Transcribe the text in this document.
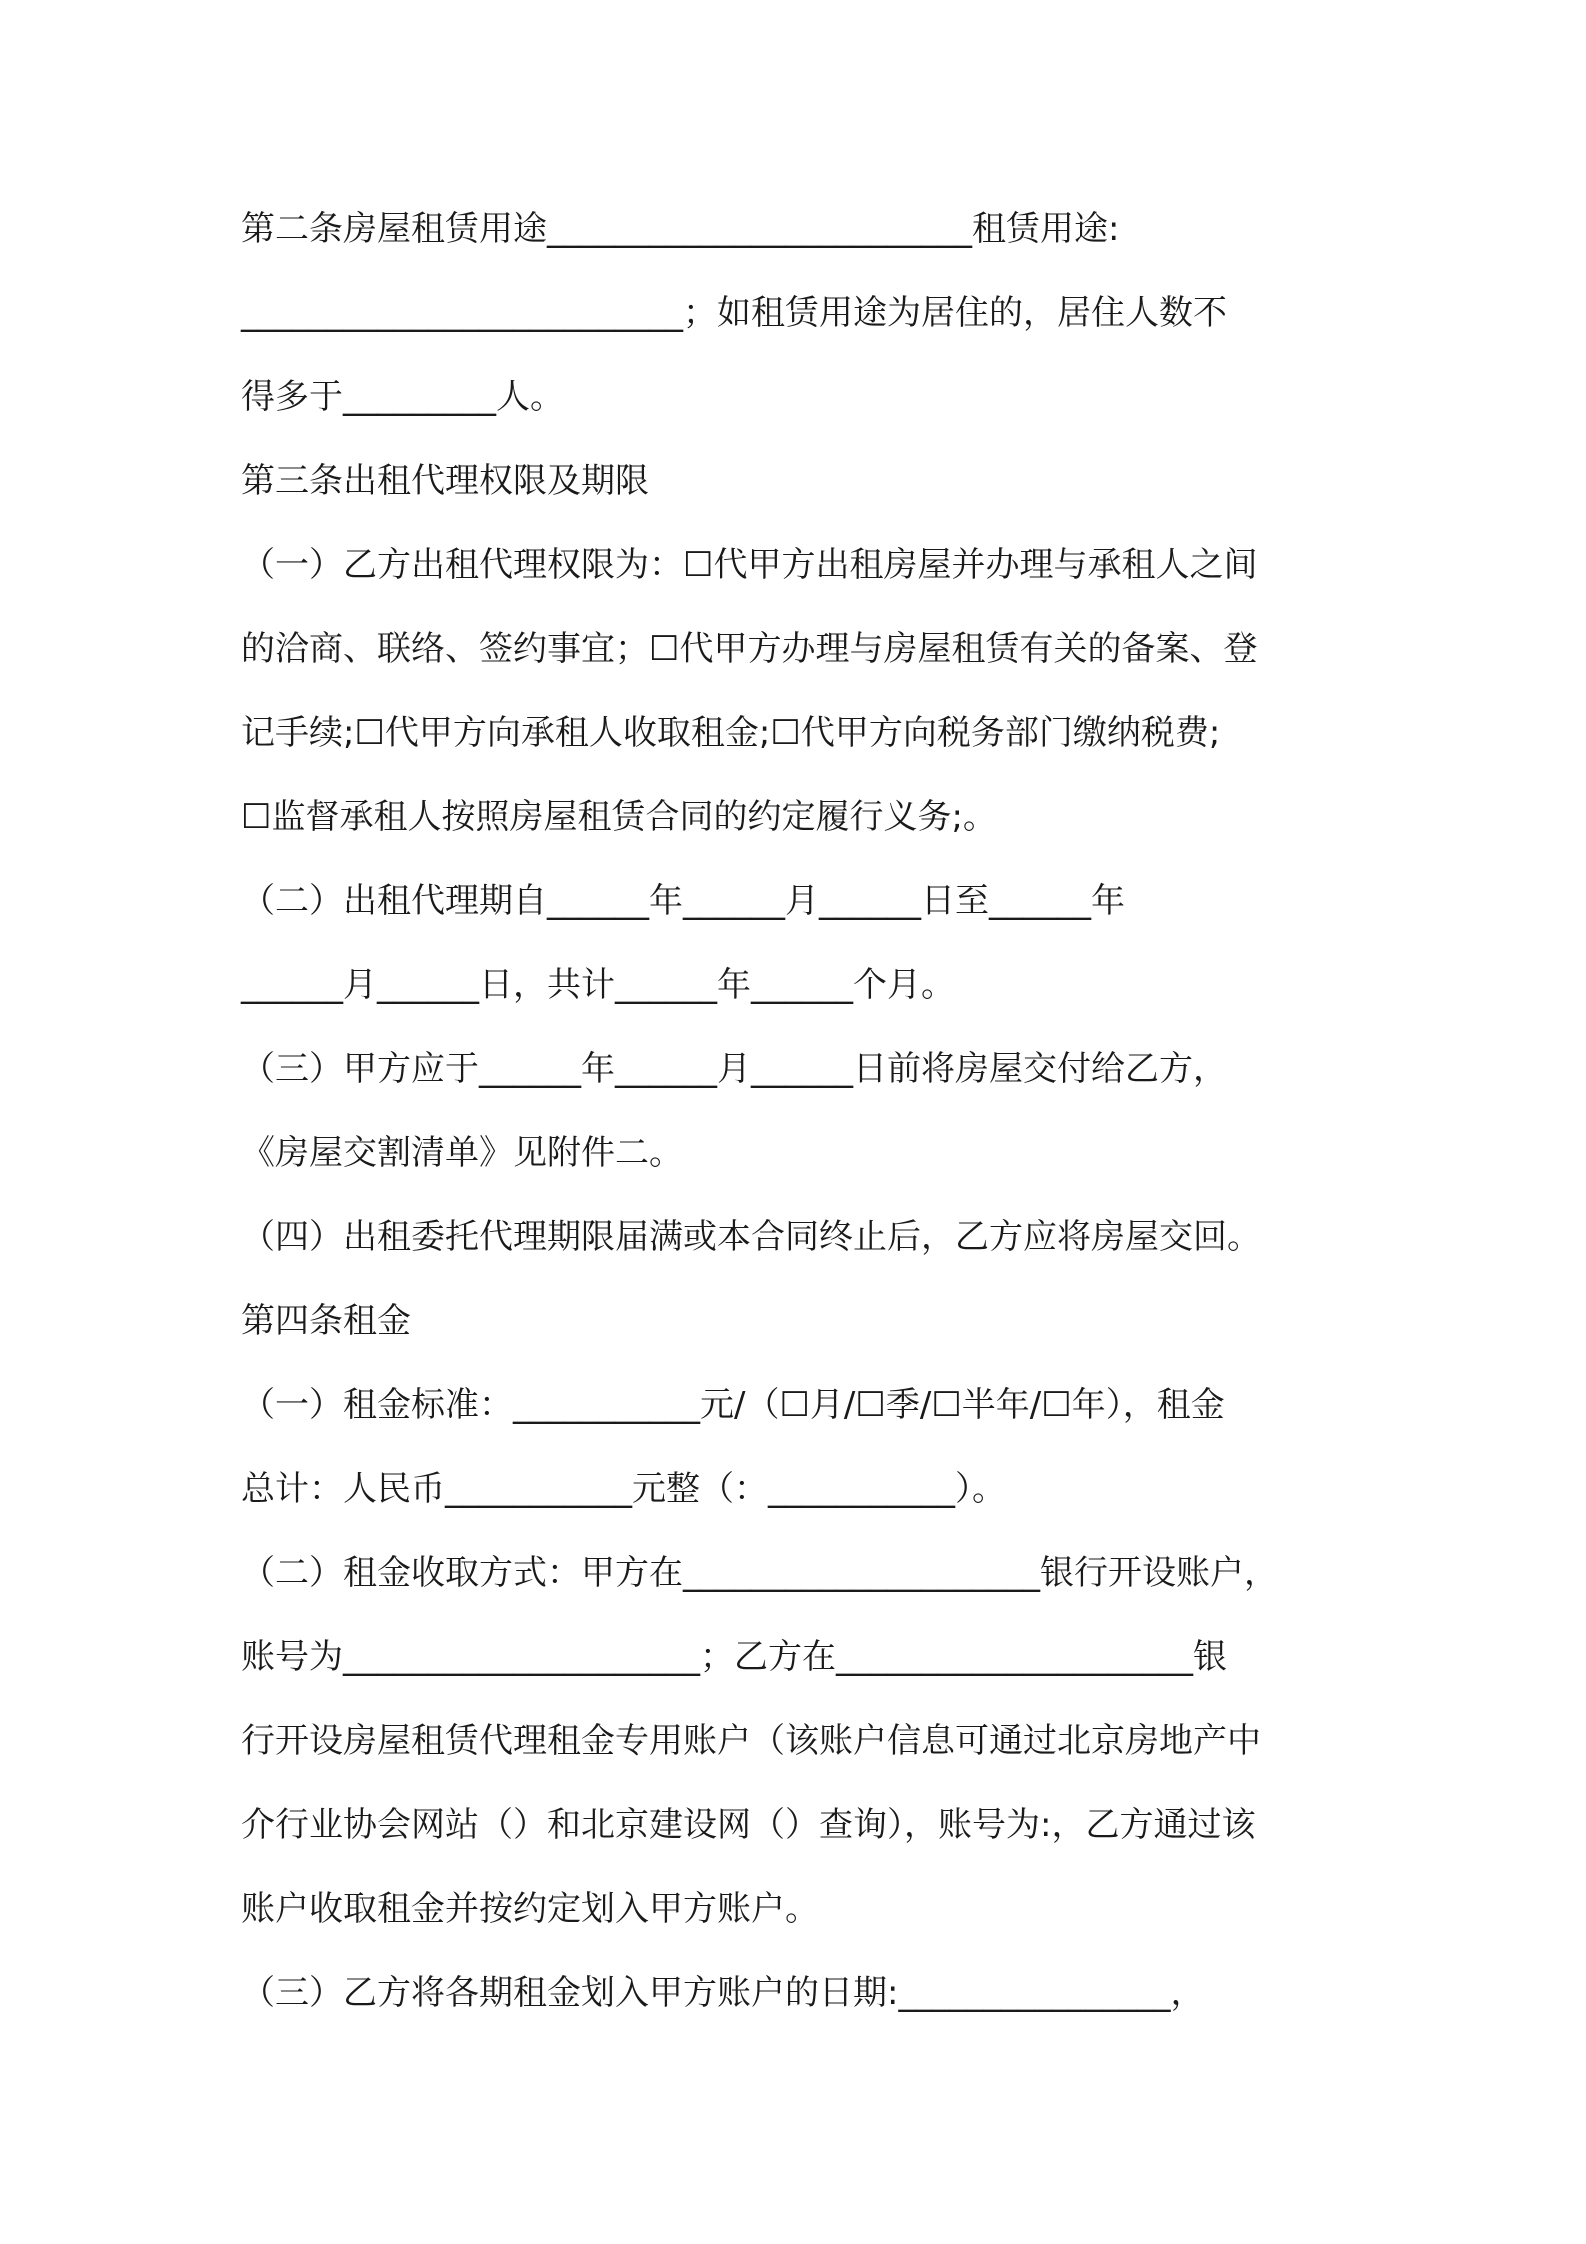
第二条房屋租赁用途_________________________租赁用途:
__________________________；如租赁用途为居住的，居住人数不
得多于_________人。
第三条出租代理权限及期限
（一）乙方出租代理权限为：☐代甲方出租房屋并办理与承租人之间
的洽商、联络、签约事宜；☐代甲方办理与房屋租赁有关的备案、登
记手续;☐代甲方向承租人收取租金;☐代甲方向税务部门缴纳税费;
☐监督承租人按照房屋租赁合同的约定履行义务;。
（二）出租代理期自______年______月______日至______年
______月______日，共计______年______个月。
（三）甲方应于______年______月______日前将房屋交付给乙方，
《房屋交割清单》见附件二。
（四）出租委托代理期限届满或本合同终止后，乙方应将房屋交回。
第四条租金
（一）租金标准：___________元/（☐月/☐季/☐半年/☐年），租金
总计：人民币___________元整（：___________）。
（二）租金收取方式：甲方在_____________________银行开设账户，
账号为_____________________；乙方在_____________________银
行开设房屋租赁代理租金专用账户（该账户信息可通过北京房地产中
介行业协会网站（）和北京建设网（）查询），账号为:，乙方通过该
账户收取租金并按约定划入甲方账户。
（三）乙方将各期租金划入甲方账户的日期:________________，
